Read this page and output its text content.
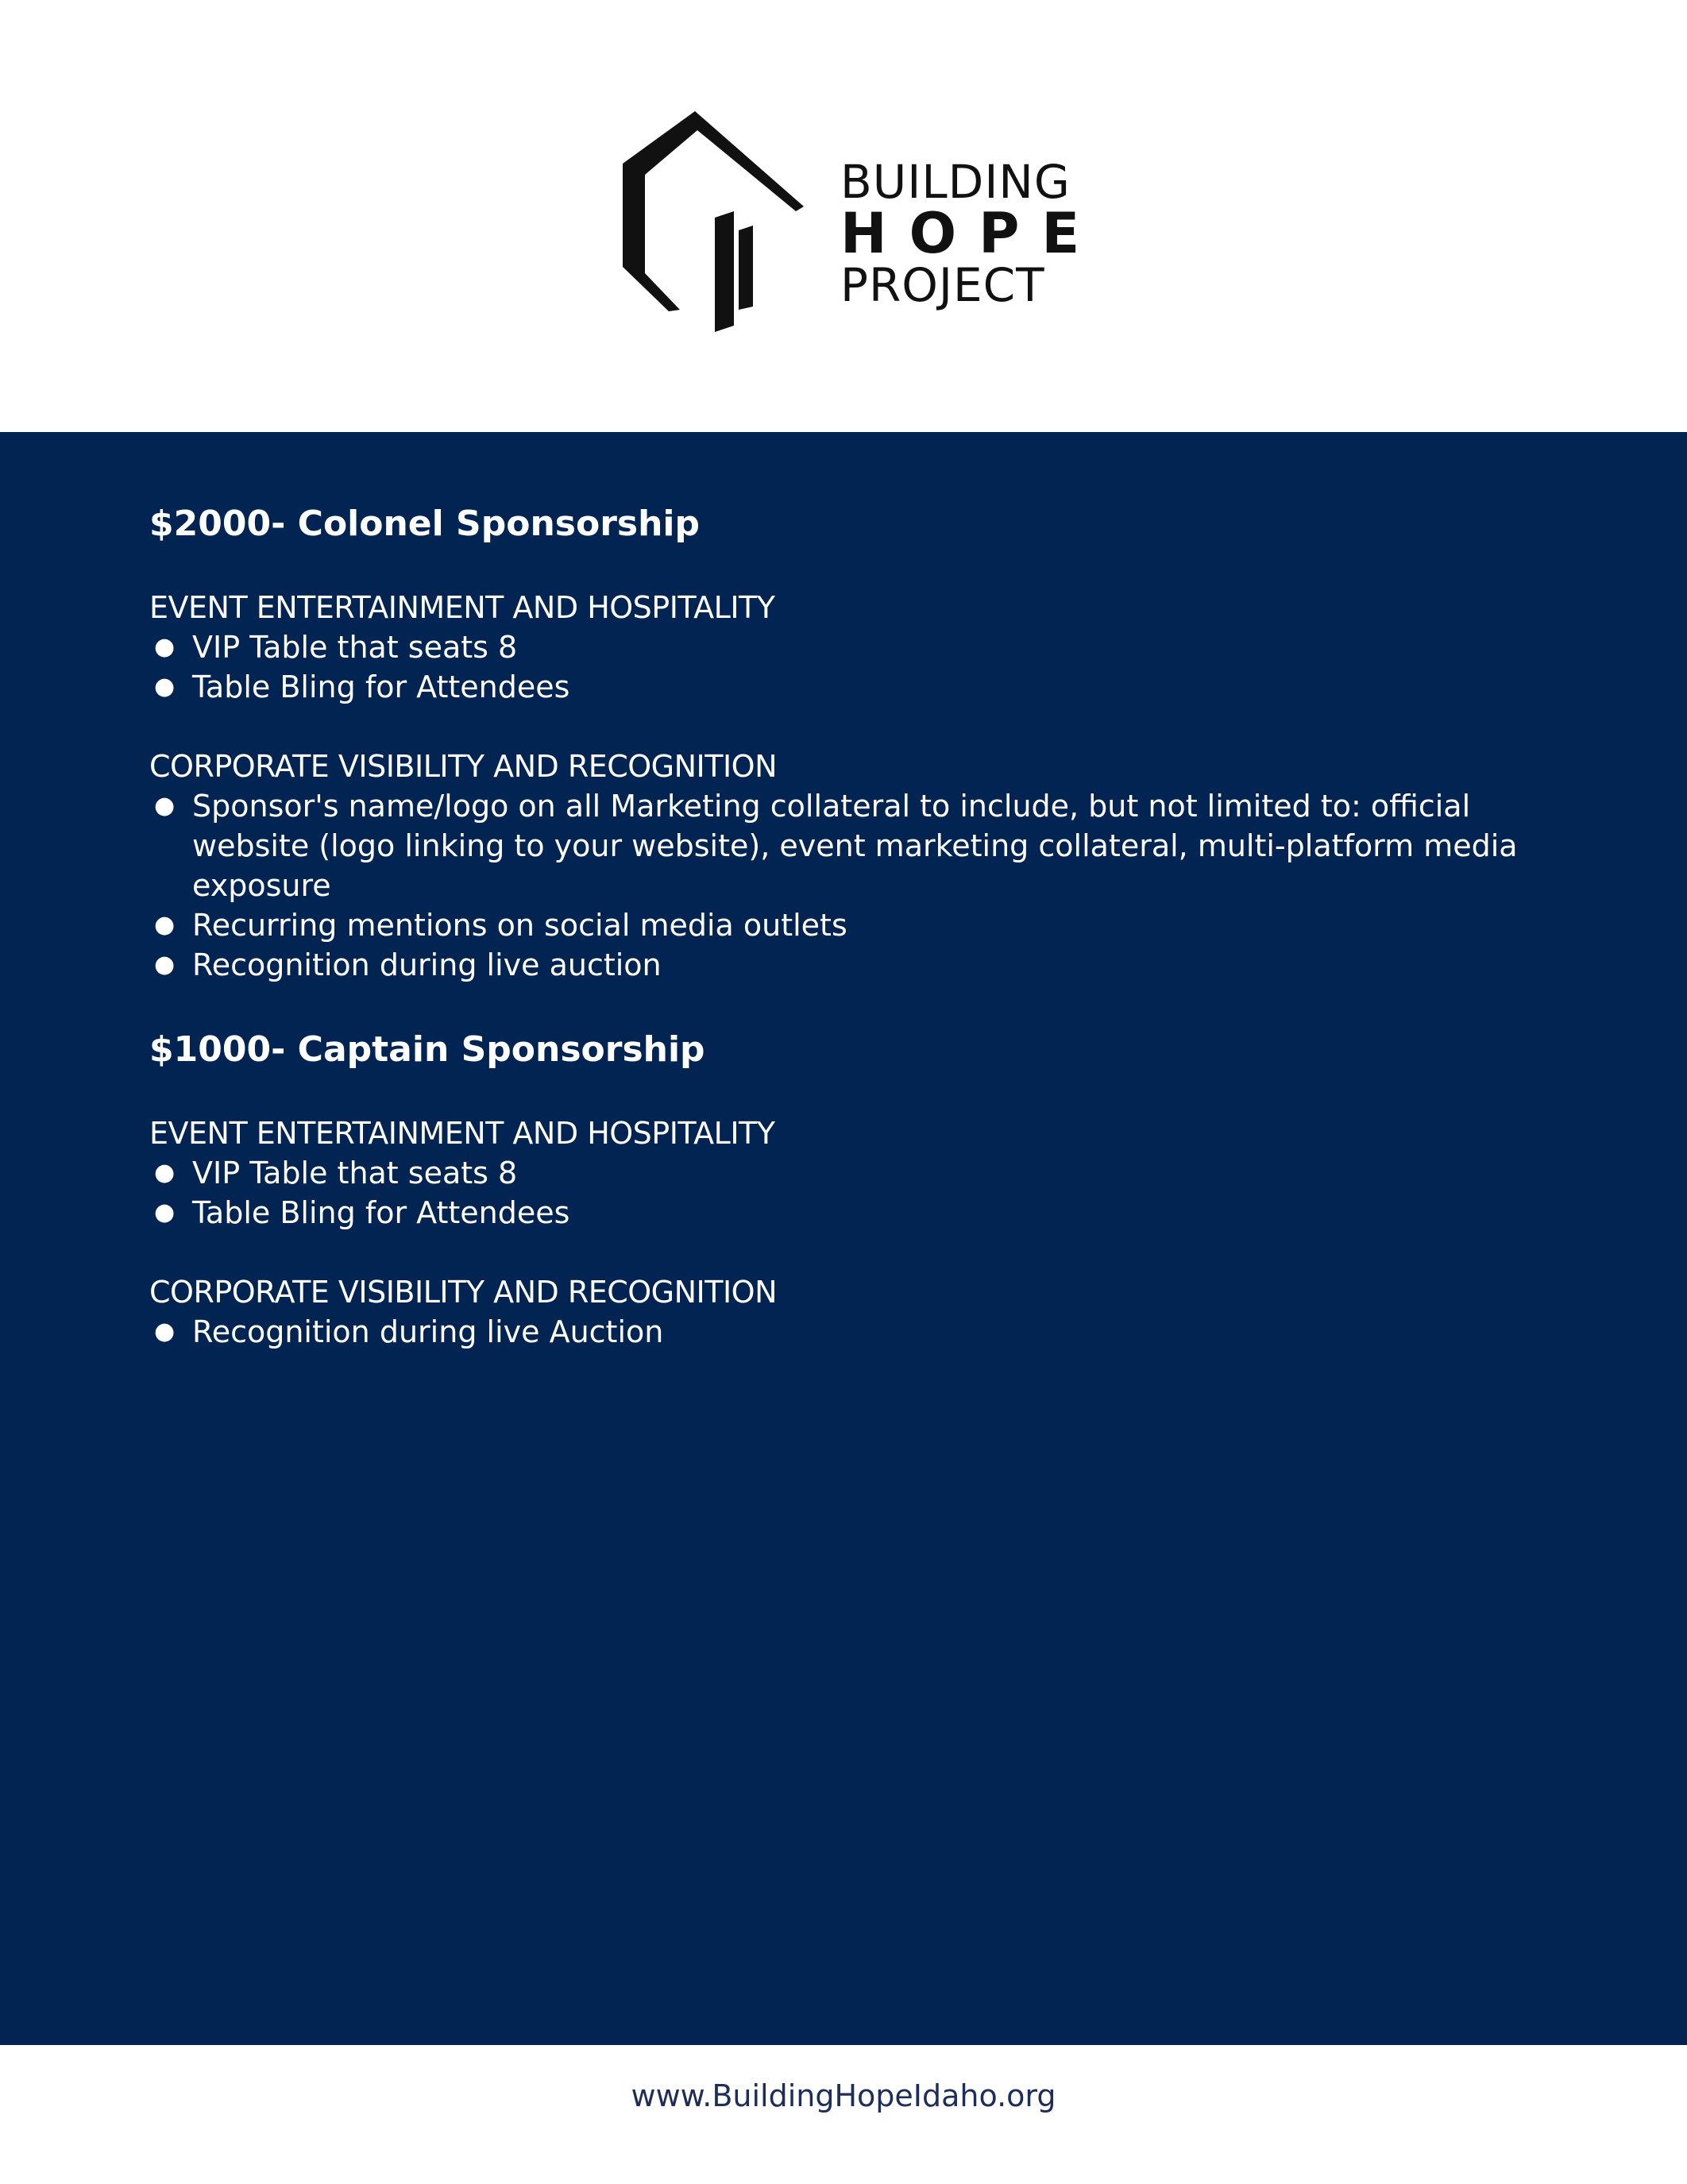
BUILDING
HOPE
PROJECT
$2000- Colonel Sponsorship
EVENT ENTERTAINMENT AND HOSPITALITY
● VIP Table that seats 8
● Table Bling for Attendees
CORPORATE VISIBILITY AND RECOGNITION
● Sponsor's name/logo on all Marketing collateral to include, but not limited to: official website (logo linking to your website), event marketing collateral, multi-platform media exposure
● Recurring mentions on social media outlets
● Recognition during live auction
$1000- Captain Sponsorship
EVENT ENTERTAINMENT AND HOSPITALITY
● VIP Table that seats 8
● Table Bling for Attendees
CORPORATE VISIBILITY AND RECOGNITION
● Recognition during live Auction
www.BuildingHopeIdaho.org
